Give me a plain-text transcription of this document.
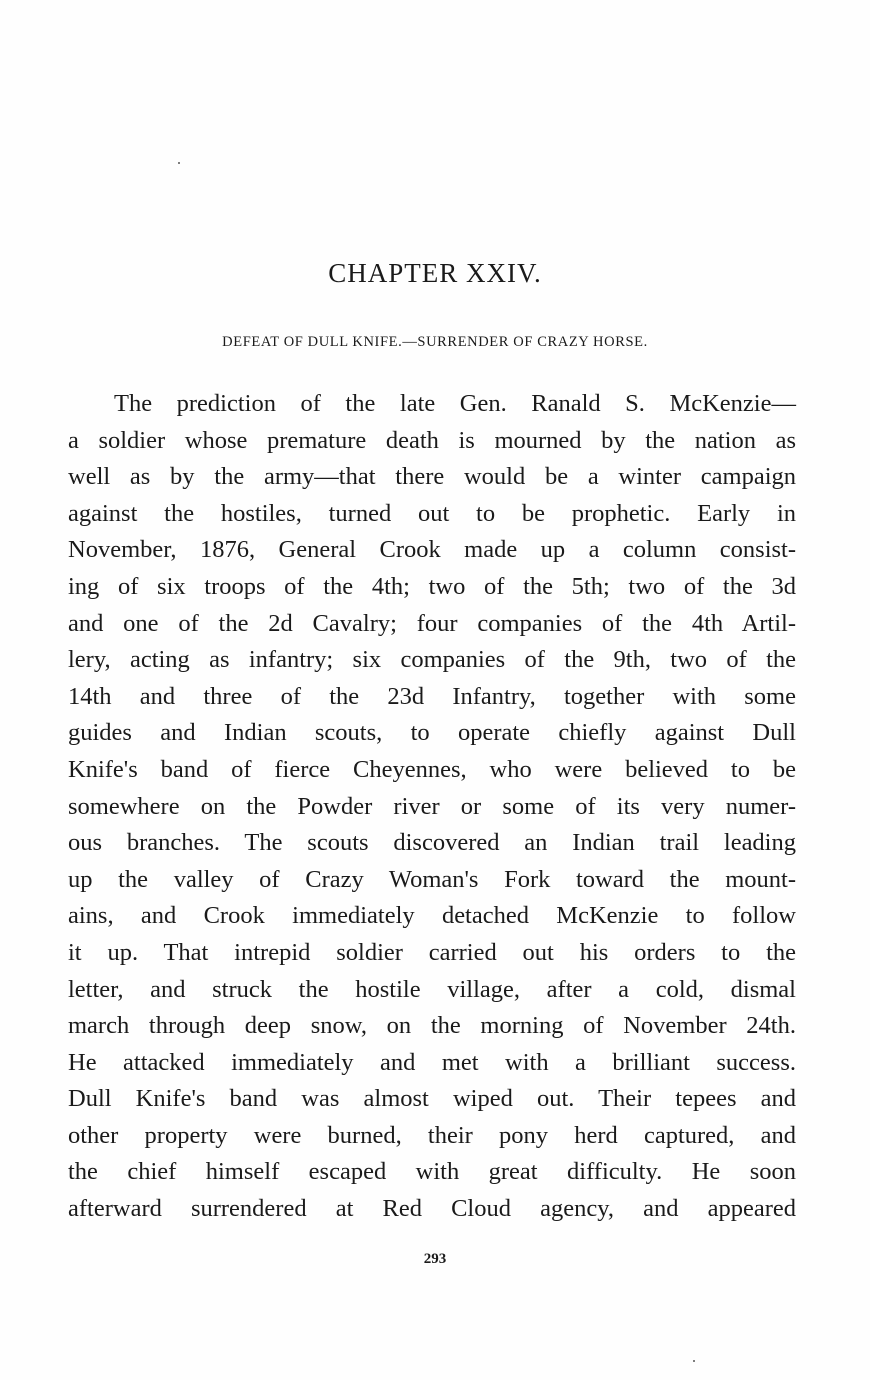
CHAPTER XXIV.
DEFEAT OF DULL KNIFE.—SURRENDER OF CRAZY HORSE.
The prediction of the late Gen. Ranald S. McKenzie—
a soldier whose premature death is mourned by the nation as
well as by the army—that there would be a winter campaign
against the hostiles, turned out to be prophetic. Early in
November, 1876, General Crook made up a column consist-
ing of six troops of the 4th; two of the 5th; two of the 3d
and one of the 2d Cavalry; four companies of the 4th Artil-
lery, acting as infantry; six companies of the 9th, two of the
14th and three of the 23d Infantry, together with some
guides and Indian scouts, to operate chiefly against Dull
Knife's band of fierce Cheyennes, who were believed to be
somewhere on the Powder river or some of its very numer-
ous branches. The scouts discovered an Indian trail leading
up the valley of Crazy Woman's Fork toward the mount-
ains, and Crook immediately detached McKenzie to follow
it up. That intrepid soldier carried out his orders to the
letter, and struck the hostile village, after a cold, dismal
march through deep snow, on the morning of November 24th.
He attacked immediately and met with a brilliant success.
Dull Knife's band was almost wiped out. Their tepees and
other property were burned, their pony herd captured, and
the chief himself escaped with great difficulty. He soon
afterward surrendered at Red Cloud agency, and appeared
293
